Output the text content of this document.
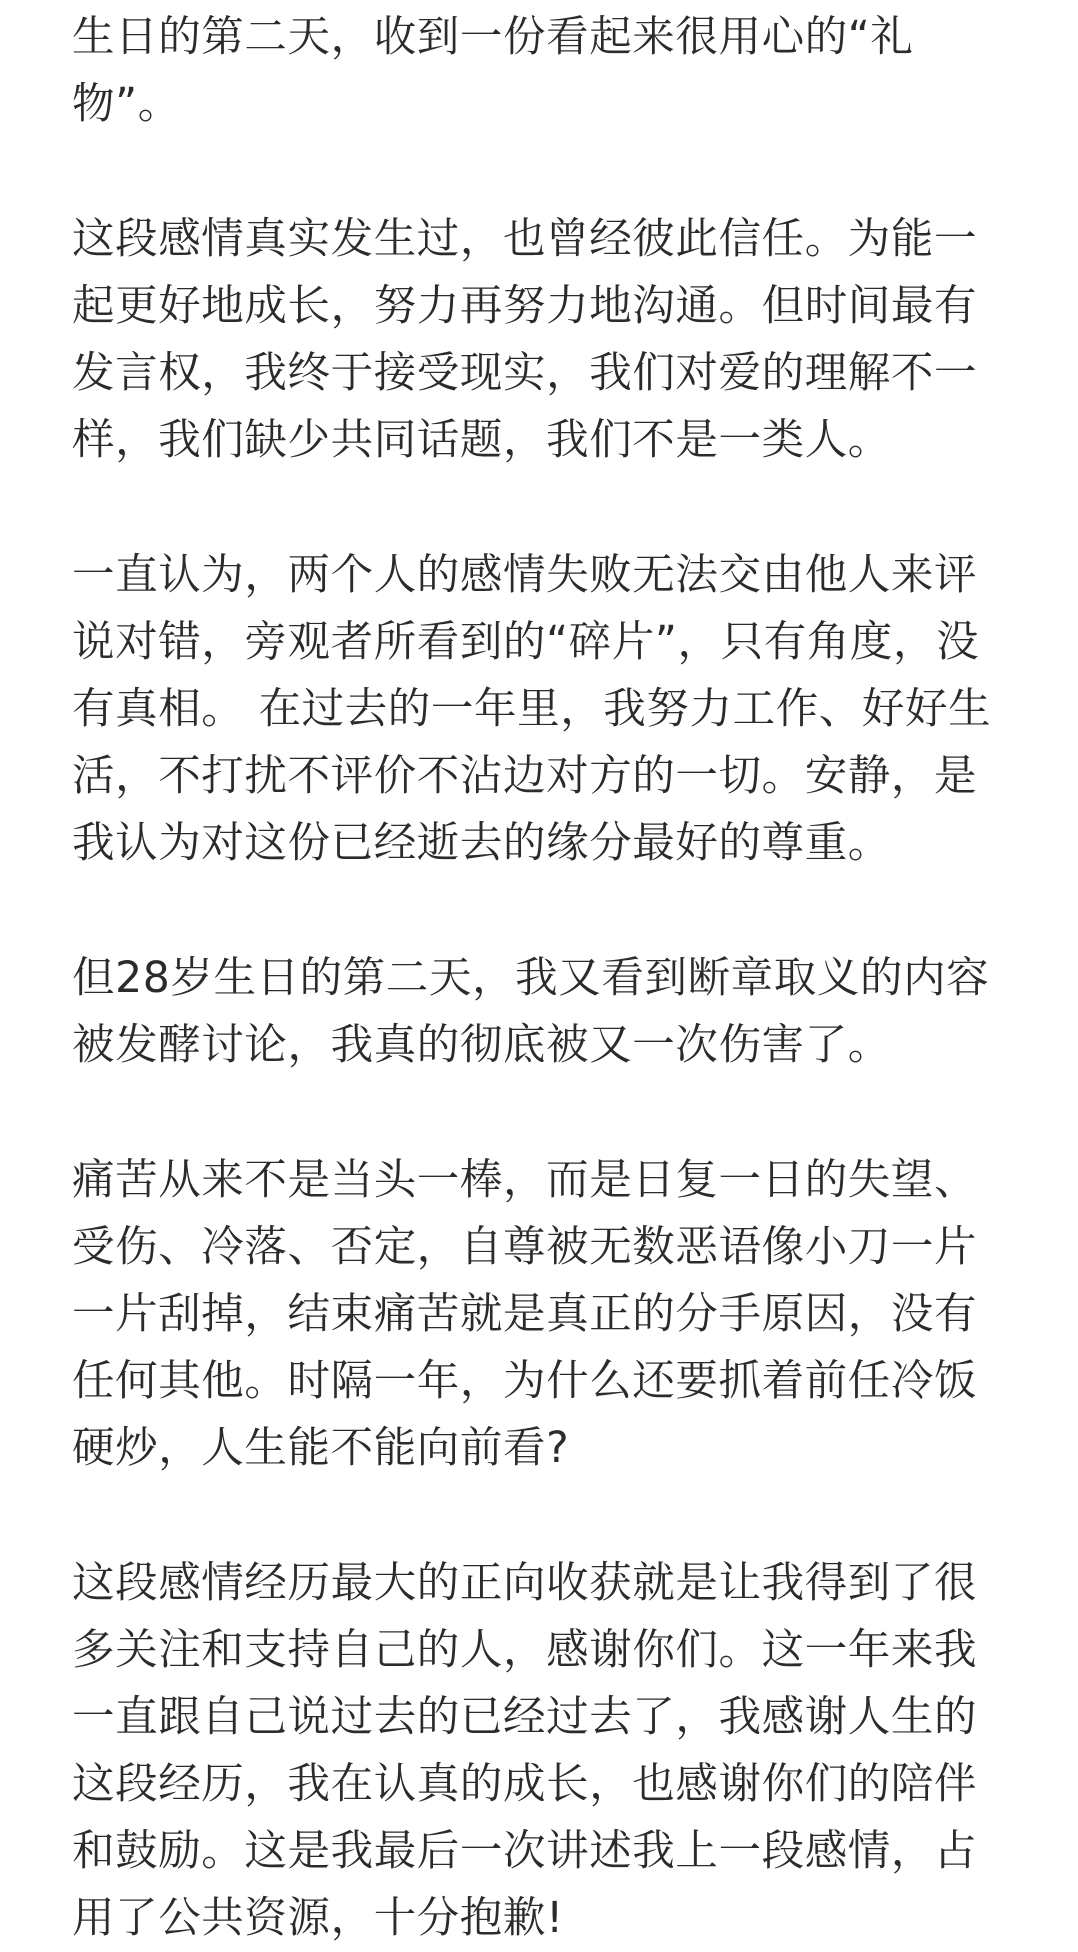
生日的第二天，收到一份看起来很用心的“礼
物”。
这段感情真实发生过，也曾经彼此信任。为能一
起更好地成长，努力再努力地沟通。但时间最有
发言权，我终于接受现实，我们对爱的理解不一
样，我们缺少共同话题，我们不是一类人。
一直认为，两个人的感情失败无法交由他人来评
说对错，旁观者所看到的“碎片”，只有角度，没
有真相。 在过去的一年里，我努力工作、好好生
活，不打扰不评价不沾边对方的一切。安静，是
我认为对这份已经逝去的缘分最好的尊重。
但28岁生日的第二天，我又看到断章取义的内容
被发酵讨论，我真的彻底被又一次伤害了。
痛苦从来不是当头一棒，而是日复一日的失望、
受伤、冷落、否定，自尊被无数恶语像小刀一片
一片刮掉，结束痛苦就是真正的分手原因，没有
任何其他。时隔一年，为什么还要抓着前任冷饭
硬炒，人生能不能向前看?
这段感情经历最大的正向收获就是让我得到了很
多关注和支持自己的人，感谢你们。这一年来我
一直跟自己说过去的已经过去了，我感谢人生的
这段经历，我在认真的成长，也感谢你们的陪伴
和鼓励。这是我最后一次讲述我上一段感情，占
用了公共资源，十分抱歉!
